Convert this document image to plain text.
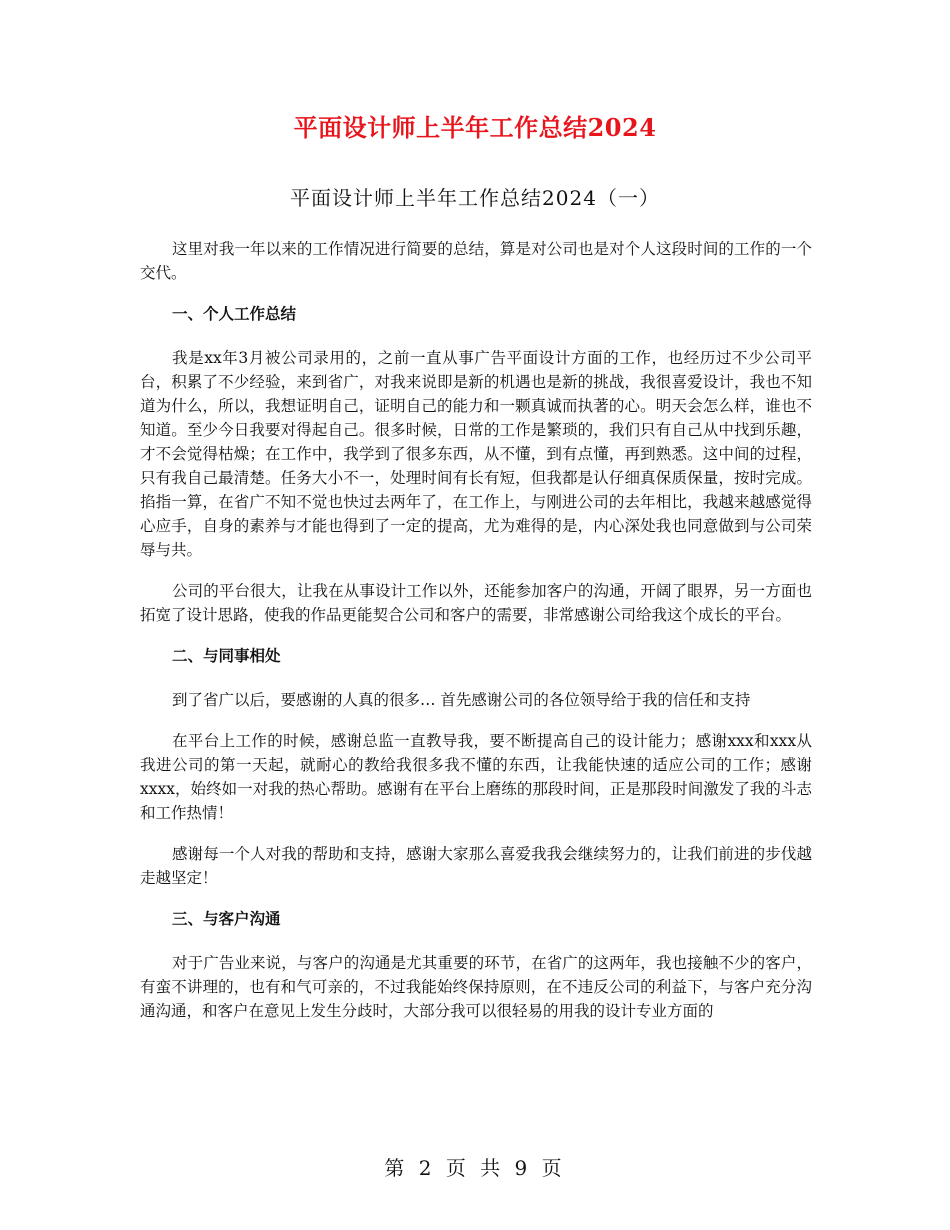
平面设计师上半年工作总结2024
平面设计师上半年工作总结2024（一）

这里对我一年以来的工作情况进行简要的总结，算是对公司也是对个人这段时间的工作的一个交代。

一、个人工作总结

我是xx年3月被公司录用的，之前一直从事广告平面设计方面的工作，也经历过不少公司平台，积累了不少经验，来到省广，对我来说即是新的机遇也是新的挑战，我很喜爱设计，我也不知道为什么，所以，我想证明自己，证明自己的能力和一颗真诚而执著的心。明天会怎么样，谁也不知道。至少今日我要对得起自己。很多时候，日常的工作是繁琐的，我们只有自己从中找到乐趣，才不会觉得枯燥；在工作中，我学到了很多东西，从不懂，到有点懂，再到熟悉。这中间的过程，只有我自己最清楚。任务大小不一，处理时间有长有短，但我都是认仔细真保质保量，按时完成。掐指一算，在省广不知不觉也快过去两年了，在工作上，与刚进公司的去年相比，我越来越感觉得心应手，自身的素养与才能也得到了一定的提高，尤为难得的是，内心深处我也同意做到与公司荣辱与共。

公司的平台很大，让我在从事设计工作以外，还能参加客户的沟通，开阔了眼界，另一方面也拓宽了设计思路，使我的作品更能契合公司和客户的需要，非常感谢公司给我这个成长的平台。

二、与同事相处

到了省广以后，要感谢的人真的很多… 首先感谢公司的各位领导给于我的信任和支持

在平台上工作的时候，感谢总监一直教导我，要不断提高自己的设计能力；感谢xxx和xxx从我进公司的第一天起，就耐心的教给我很多我不懂的东西，让我能快速的适应公司的工作；感谢xxxx，始终如一对我的热心帮助。感谢有在平台上磨练的那段时间，正是那段时间激发了我的斗志和工作热情！

感谢每一个人对我的帮助和支持，感谢大家那么喜爱我我会继续努力的，让我们前进的步伐越走越坚定！

三、与客户沟通

对于广告业来说，与客户的沟通是尤其重要的环节，在省广的这两年，我也接触不少的客户，有蛮不讲理的，也有和气可亲的，不过我能始终保持原则，在不违反公司的利益下，与客户充分沟通沟通，和客户在意见上发生分歧时，大部分我可以很轻易的用我的设计专业方面的

第 2 页 共 9 页
